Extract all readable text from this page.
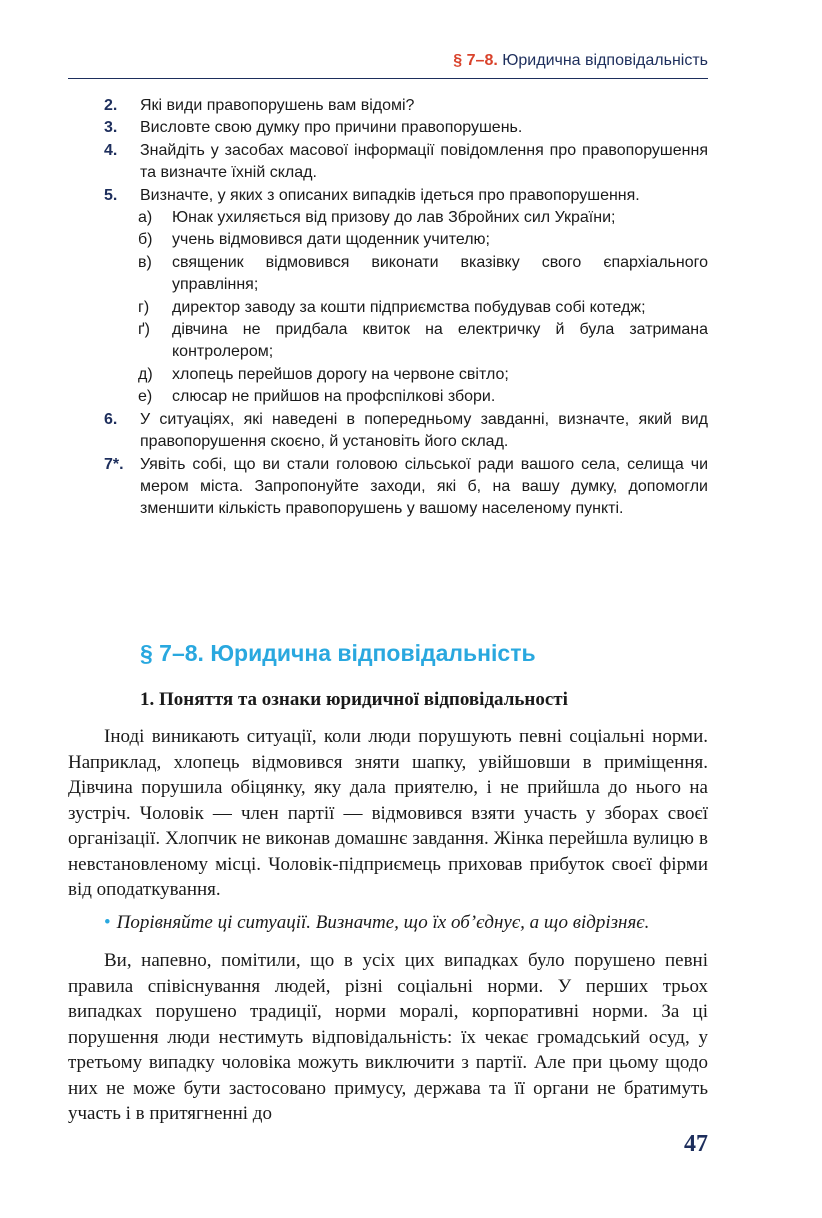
§ 7–8. Юридична відповідальність
2.	Які види правопорушень вам відомі?
3.	Висловте свою думку про причини правопорушень.
4.	Знайдіть у засобах масової інформації повідомлення про правопорушення та визначте їхній склад.
5.	Визначте, у яких з описаних випадків ідеться про правопорушення.
а)	Юнак ухиляється від призову до лав Збройних сил України;
б)	учень відмовився дати щоденник учителю;
в)	священик відмовився виконати вказівку свого єпархіального управління;
г)	директор заводу за кошти підприємства побудував собі котедж;
ґ)	дівчина не придбала квиток на електричку й була затримана контролером;
д)	хлопець перейшов дорогу на червоне світло;
е)	слюсар не прийшов на профспілкові збори.
6.	У ситуаціях, які наведені в попередньому завданні, визначте, який вид правопорушення скоєно, й установіть його склад.
7*.	Уявіть собі, що ви стали головою сільської ради вашого села, селища чи мером міста. Запропонуйте заходи, які б, на вашу думку, допомогли зменшити кількість правопорушень у вашому населеному пункті.
§ 7–8. Юридична відповідальність
1. Поняття та ознаки юридичної відповідальності

Іноді виникають ситуації, коли люди порушують певні соціальні норми. Наприклад, хлопець відмовився зняти шапку, увійшовши в приміщення. Дівчина порушила обіцянку, яку дала приятелю, і не прийшла до нього на зустріч. Чоловік — член партії — відмовився взяти участь у зборах своєї організації. Хлопчик не виконав домашнє завдання. Жінка перейшла вулицю в невстановленому місці. Чоловік-підприємець приховав прибуток своєї фірми від оподаткування.

• Порівняйте ці ситуації. Визначте, що їх об’єднує, а що відрізняє.

Ви, напевно, помітили, що в усіх цих випадках було порушено певні правила співіснування людей, різні соціальні норми. У перших трьох випадках порушено традиції, норми моралі, корпоративні норми. За ці порушення люди нестимуть відповідальність: їх чекає громадський осуд, у третьому випадку чоловіка можуть виключити з партії. Але при цьому щодо них не може бути застосовано примусу, держава та її органи не братимуть участь і в притягненні до

47
